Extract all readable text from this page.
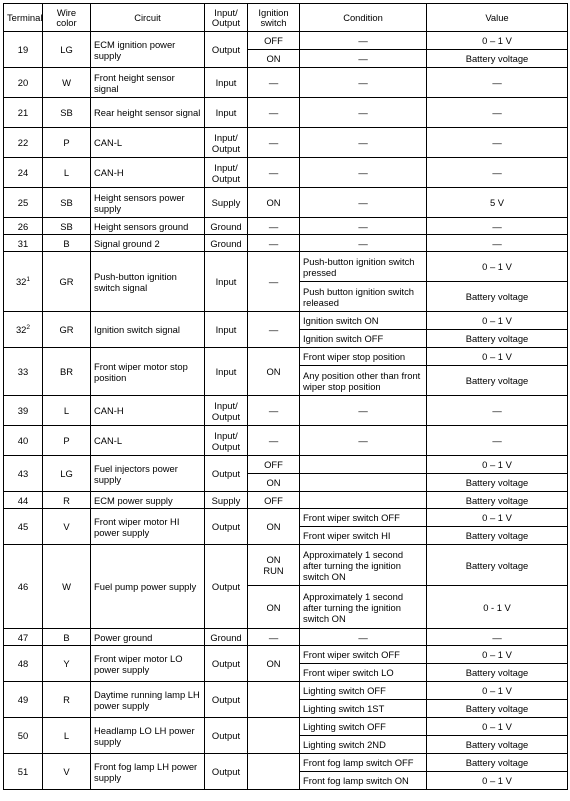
Terminal	Wire color	Circuit	Input/ Output	Ignition switch	Condition	Value
19	LG	ECM ignition power supply	Output	OFF	—	0 – 1 V
				ON	—	Battery voltage
20	W	Front height sensor signal	Input	—	—	—
21	SB	Rear height sensor signal	Input	—	—	—
22	P	CAN-L	Input/ Output	—	—	—
24	L	CAN-H	Input/ Output	—	—	—
25	SB	Height sensors power supply	Supply	ON	—	5 V
26	SB	Height sensors ground	Ground	—	—	—
31	B	Signal ground 2	Ground	—	—	—
$32^1$	GR	Push-button ignition switch signal	Input	—	Push-button ignition switch pressed	0 – 1 V
					Push button ignition switch released	Battery voltage
$32^2$	GR	Ignition switch signal	Input	—	Ignition switch ON	0 – 1 V
					Ignition switch OFF	Battery voltage
33	BR	Front wiper motor stop position	Input	ON	Front wiper stop position	0 – 1 V
					Any position other than front wiper stop position	Battery voltage
39	L	CAN-H	Input/ Output	—	—	—
40	P	CAN-L	Input/ Output	—	—	—
43	LG	Fuel injectors power supply	Output	OFF		0 – 1 V
				ON		Battery voltage
44	R	ECM power supply	Supply	OFF		Battery voltage
45	V	Front wiper motor HI power supply	Output	ON	Front wiper switch OFF	0 – 1 V
					Front wiper switch HI	Battery voltage
46	W	Fuel pump power supply	Output	ON RUN	Approximately 1 second after turning the ignition switch ON	Battery voltage
				ON	Approximately 1 second after turning the ignition switch ON	0 - 1 V
47	B	Power ground	Ground	—	—	—
48	Y	Front wiper motor LO power supply	Output	ON	Front wiper switch OFF	0 – 1 V
					Front wiper switch LO	Battery voltage
49	R	Daytime running lamp LH power supply	Output		Lighting switch OFF	0 – 1 V
					Lighting switch 1ST	Battery voltage
50	L	Headlamp LO LH power supply	Output		Lighting switch OFF	0 – 1 V
					Lighting switch 2ND	Battery voltage
51	V	Front fog lamp LH power supply	Output		Front fog lamp switch OFF	Battery voltage
					Front fog lamp switch ON	0 – 1 V
